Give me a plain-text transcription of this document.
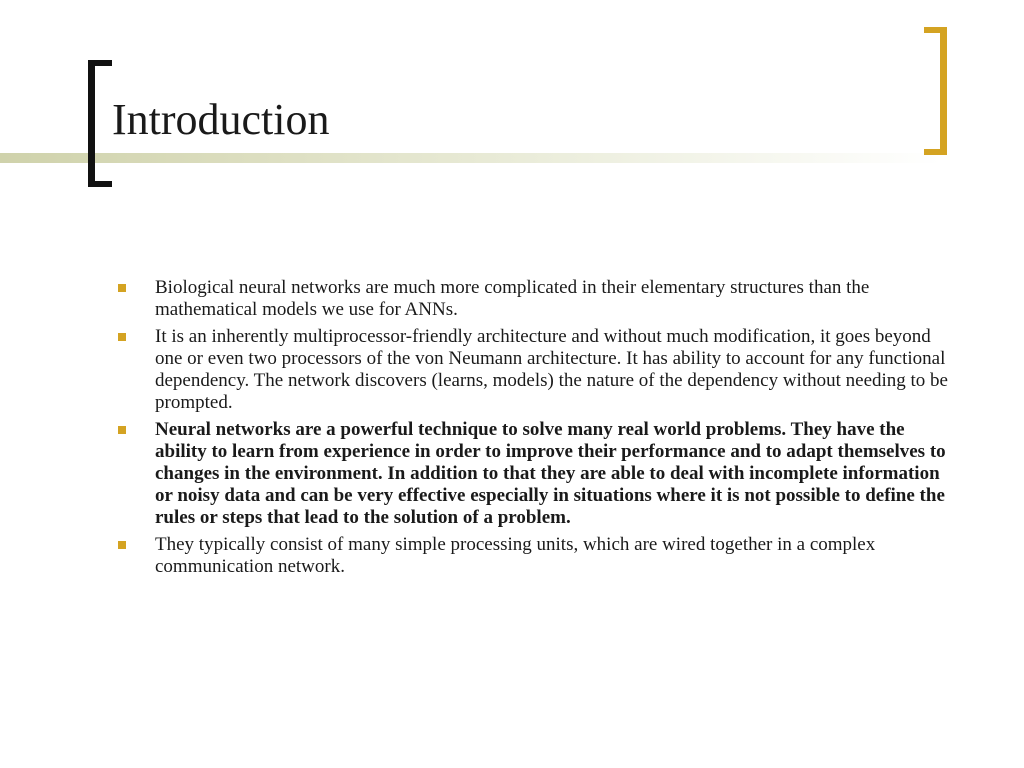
Introduction
Biological neural networks are much more complicated in their elementary structures than the mathematical models we use for ANNs.
It is an inherently multiprocessor-friendly architecture and without much modification, it goes beyond one or even two processors of the von Neumann architecture. It has ability to account for any functional dependency. The network discovers (learns, models) the nature of the dependency without needing to be prompted.
Neural networks are a powerful technique to solve many real world problems. They have the ability to learn from experience in order to improve their performance and to adapt themselves to changes in the environment. In addition to that they are able to deal with incomplete information or noisy data and can be very effective especially in situations where it is not possible to define the rules or steps that lead to the solution of a problem.
They typically consist of many simple processing units, which are wired together in a complex communication network.
